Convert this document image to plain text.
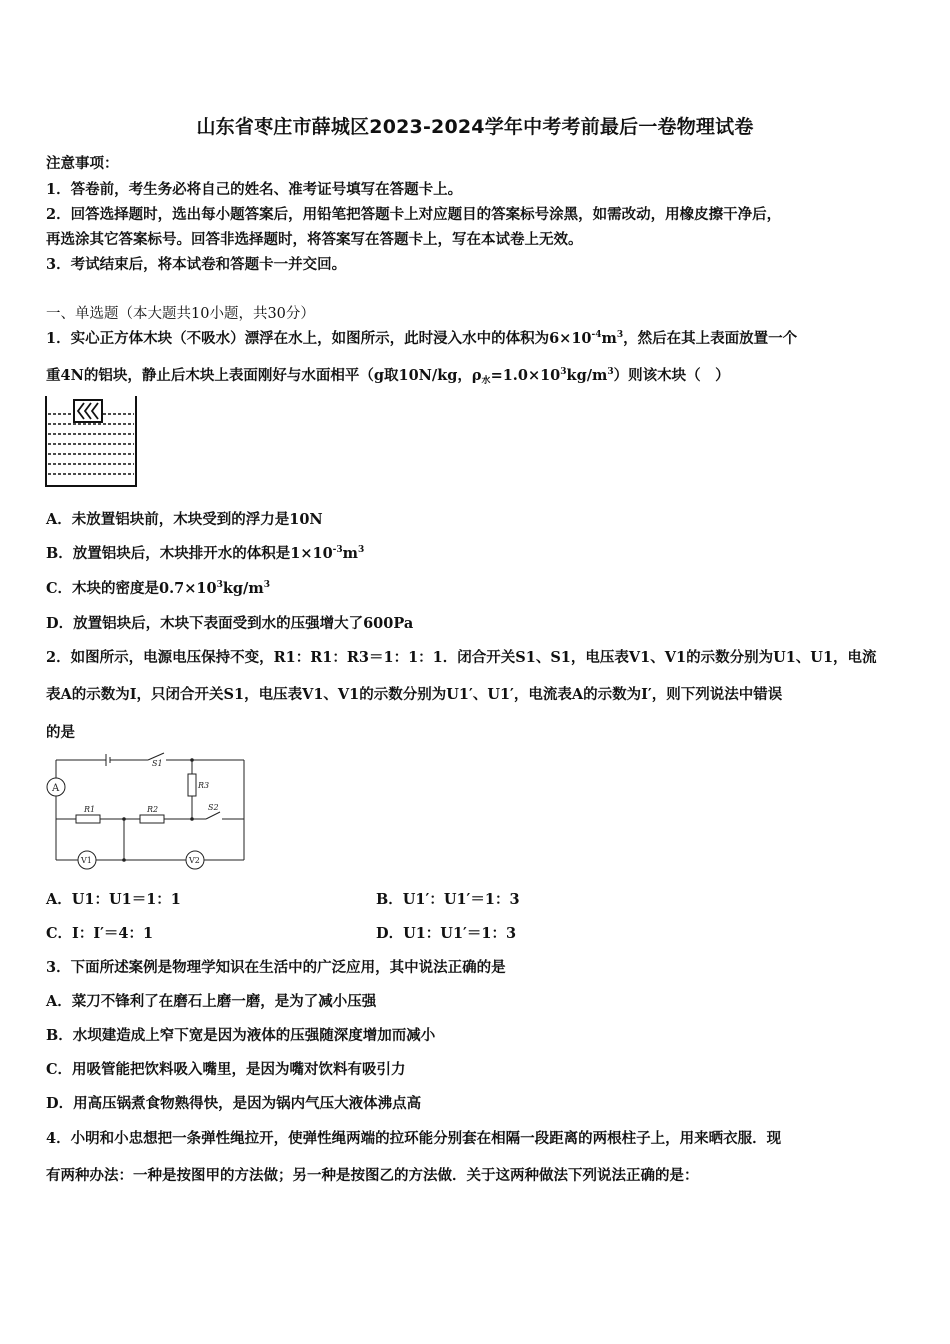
山东省枣庄市薛城区2023-2024学年中考考前最后一卷物理试卷
注意事项：
1．答卷前，考生务必将自己的姓名、准考证号填写在答题卡上。
2．回答选择题时，选出每小题答案后，用铅笔把答题卡上对应题目的答案标号涂黑，如需改动，用橡皮擦干净后，
再选涂其它答案标号。回答非选择题时，将答案写在答题卡上，写在本试卷上无效。
3．考试结束后，将本试卷和答题卡一并交回。
一、单选题（本大题共10小题，共30分）
1．实心正方体木块（不吸水）漂浮在水上，如图所示，此时浸入水中的体积为$6\times 10^{-4}m^3$，然后在其上表面放置一个
重4N的铝块，静止后木块上表面刚好与水面相平（g取10N/kg，$\rho_水=1.0\times 10^3kg/m^3$）则该木块（　）
A．未放置铝块前，木块受到的浮力是10N
B．放置铝块后，木块排开水的体积是$1\times 10^{-3}m^3$
C．木块的密度是$0.7\times 10^3kg/m^3$
D．放置铝块后，木块下表面受到水的压强增大了600Pa
2．如图所示，电源电压保持不变，R1：R1：R3＝1：1：1．闭合开关S1、S1，电压表V1、V1的示数分别为U1、U1，电流
表A的示数为I，只闭合开关S1，电压表V1、V1的示数分别为U1′、U1′，电流表A的示数为I′，则下列说法中错误
的是
A
S1
S2
R1	R2
R3
V1	V2
A．U1：U1＝1：1	B．U1′：U1′＝1：3
C．I：I′＝4：1	D．U1：U1′＝1：3
3．下面所述案例是物理学知识在生活中的广泛应用，其中说法正确的是
A．菜刀不锋利了在磨石上磨一磨，是为了减小压强
B．水坝建造成上窄下宽是因为液体的压强随深度增加而减小
C．用吸管能把饮料吸入嘴里，是因为嘴对饮料有吸引力
D．用高压锅煮食物熟得快，是因为锅内气压大液体沸点高
4．小明和小忠想把一条弹性绳拉开，使弹性绳两端的拉环能分别套在相隔一段距离的两根柱子上，用来晒衣服．现
有两种办法：一种是按图甲的方法做；另一种是按图乙的方法做．关于这两种做法下列说法正确的是：
